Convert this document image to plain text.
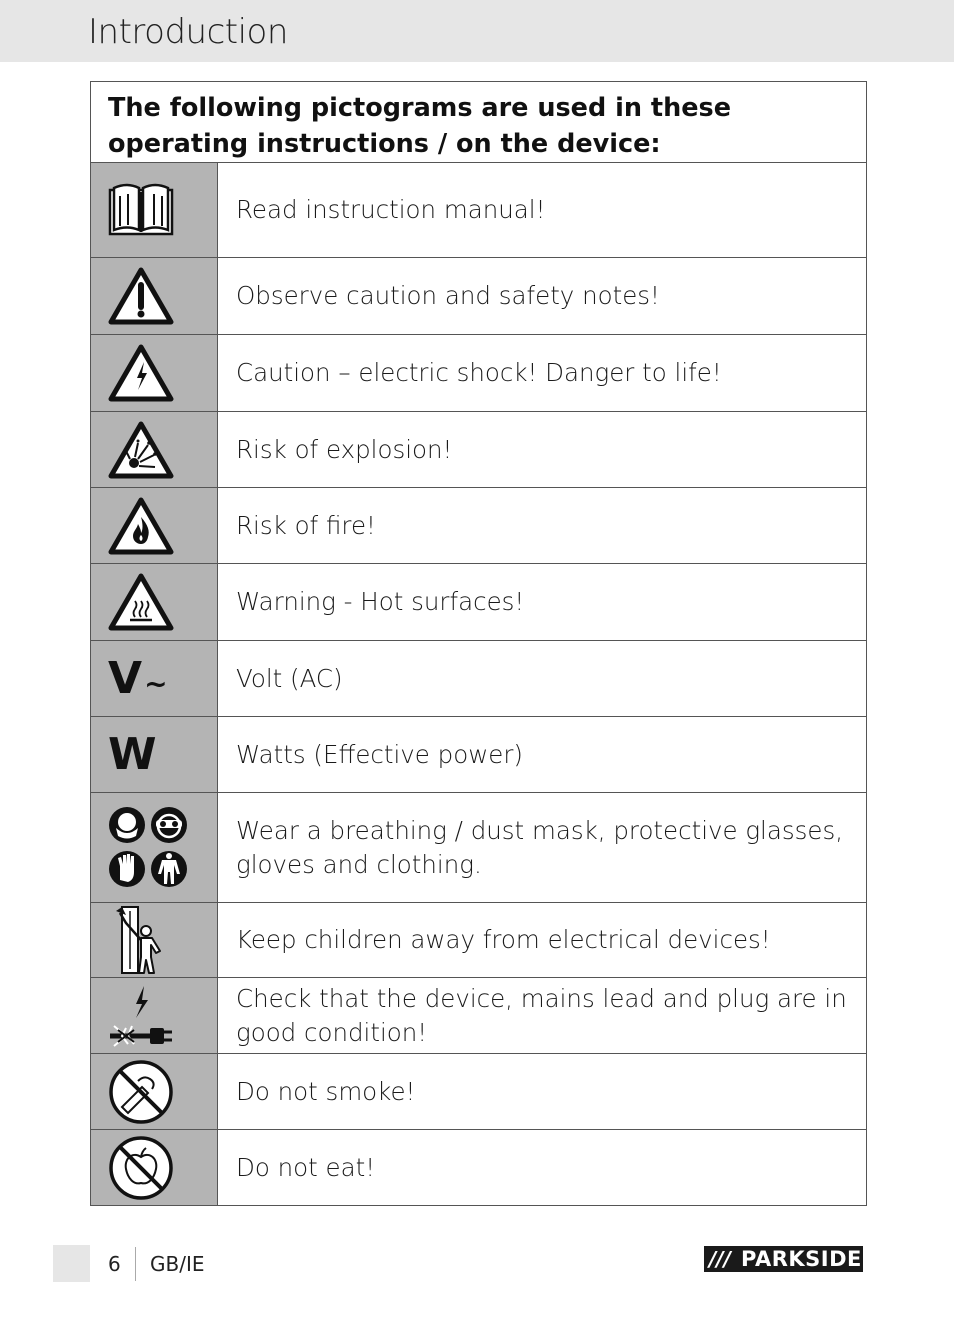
Introduction
The following pictograms are used in these operating instructions / on the device:
Read instruction manual!
Observe caution and safety notes!
Caution – electric shock! Danger to life!
Risk of explosion!
Risk of fire!
Warning - Hot surfaces!
V ~	Volt (AC)
W	Watts (Effective power)
Wear a breathing / dust mask, protective glasses,
gloves and clothing.
Keep children away from electrical devices!
Check that the device, mains lead and plug are in
good condition!
Do not smoke!
Do not eat!
6 GB/IE	/// PARKSIDE
